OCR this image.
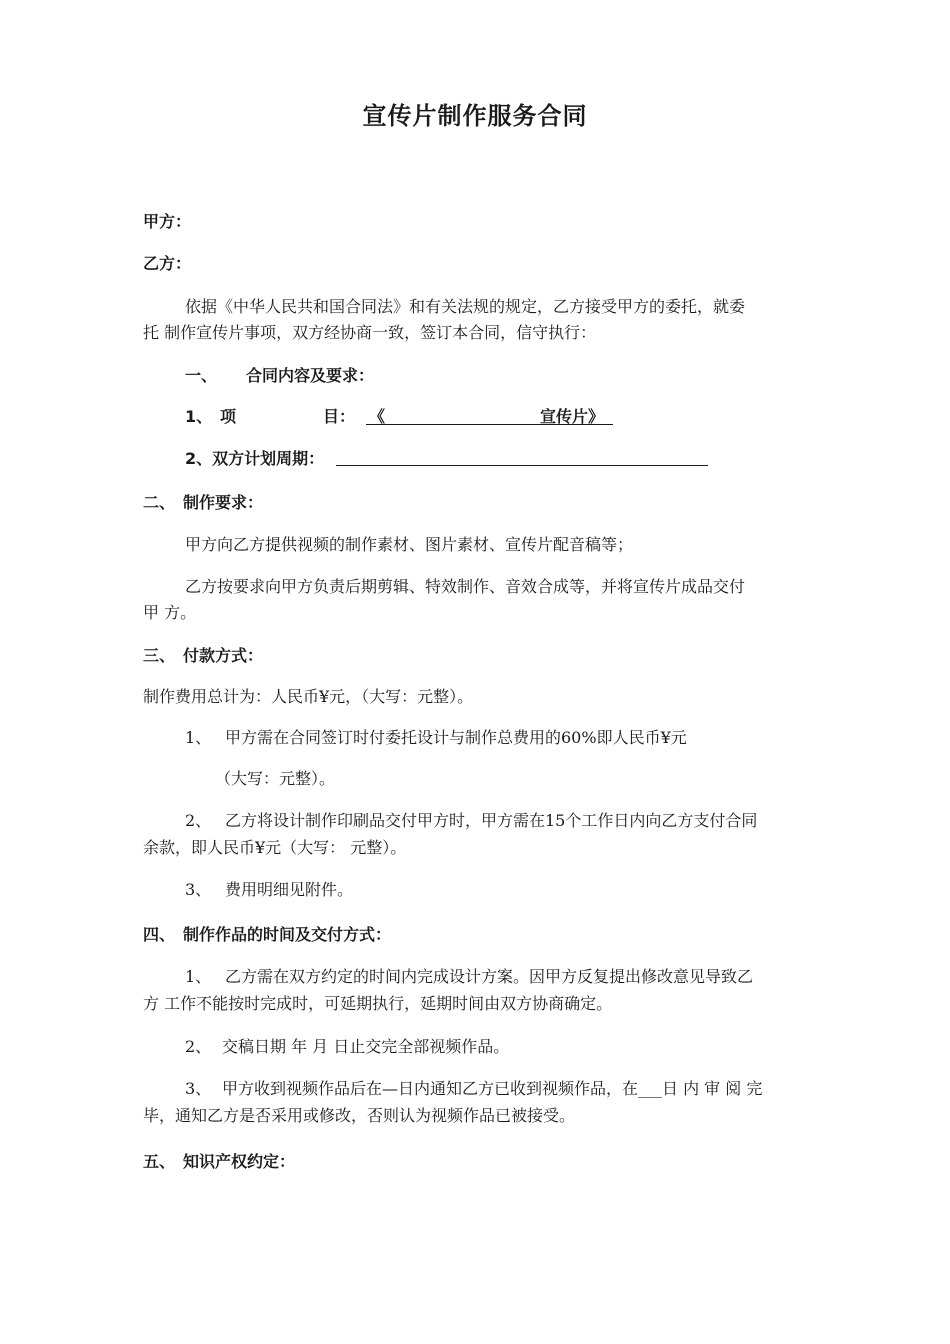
宣传片制作服务合同
甲方：
乙方：
依据《中华人民共和国合同法》和有关法规的规定，乙方接受甲方的委托，就委
托 制作宣传片事项，双方经协商一致，签订本合同，信守执行：
一、 合同内容及要求：
1、 项	目： 《	宣传片》
2、双方计划周期：
二、 制作要求：
甲方向乙方提供视频的制作素材、图片素材、宣传片配音稿等；
乙方按要求向甲方负责后期剪辑、特效制作、音效合成等，并将宣传片成品交付
甲 方。
三、 付款方式：
制作费用总计为：人民币¥元，（大写：元整）。
1、 甲方需在合同签订时付委托设计与制作总费用的60%即人民币¥元
（大写：元整）。
2、 乙方将设计制作印刷品交付甲方时，甲方需在15个工作日内向乙方支付合同
余款，即人民币¥元（大写： 元整）。
3、 费用明细见附件。
四、 制作作品的时间及交付方式：
1、 乙方需在双方约定的时间内完成设计方案。因甲方反复提出修改意见导致乙
方 工作不能按时完成时，可延期执行，延期时间由双方协商确定。
2、 交稿日期 年 月 日止交完全部视频作品。
3、 甲方收到视频作品后在—日内通知乙方已收到视频作品，在___日 内 审 阅 完
毕，通知乙方是否采用或修改，否则认为视频作品已被接受。
五、 知识产权约定：
